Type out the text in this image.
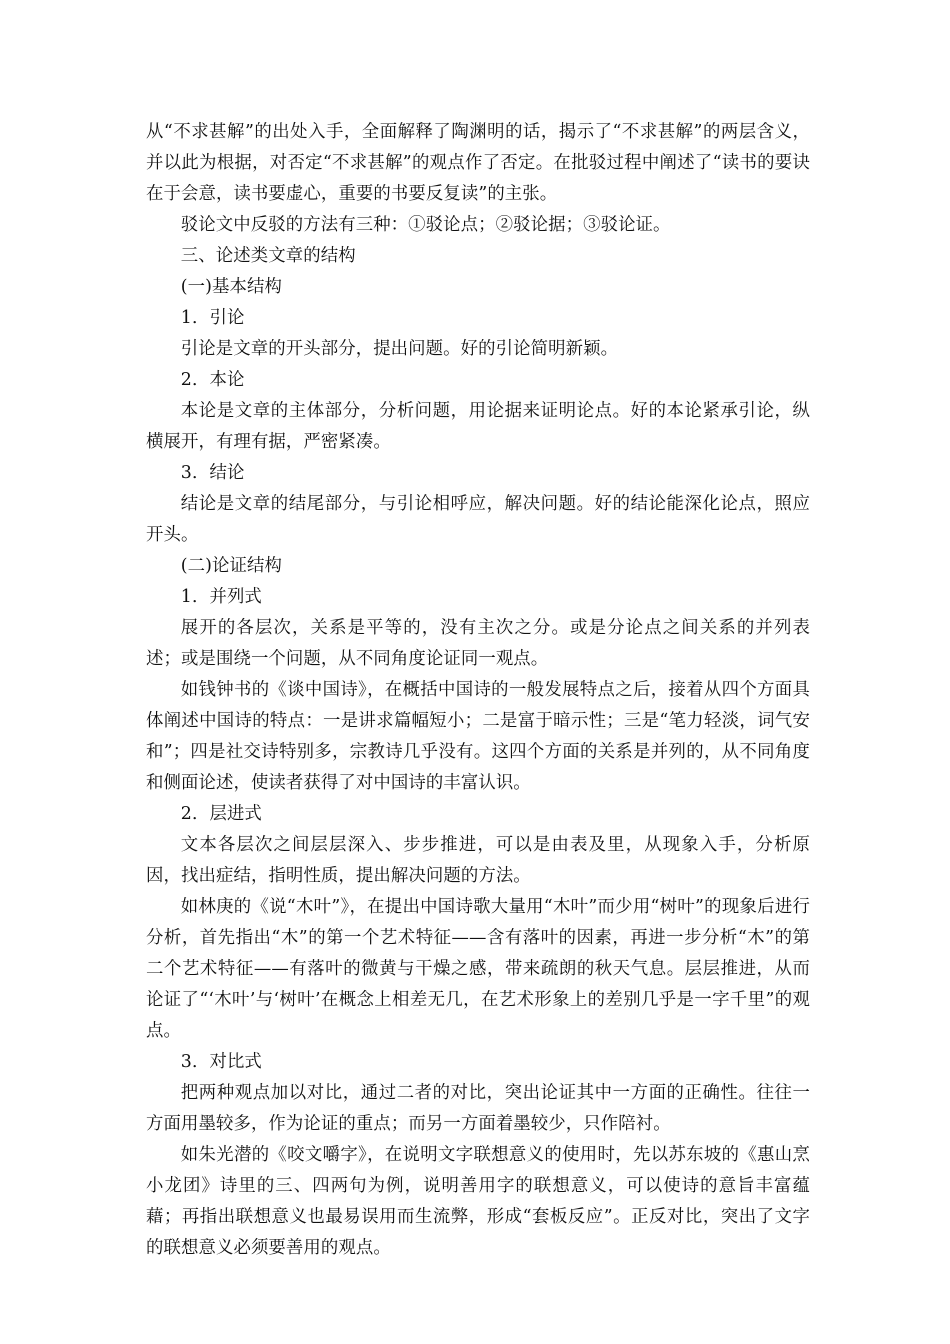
从“不求甚解”的出处入手，全面解释了陶渊明的话，揭示了“不求甚解”的两层含义，并以此为根据，对否定“不求甚解”的观点作了否定。在批驳过程中阐述了“读书的要诀在于会意，读书要虚心，重要的书要反复读”的主张。

驳论文中反驳的方法有三种：①驳论点；②驳论据；③驳论证。

三、论述类文章的结构

(一)基本结构

1．引论

引论是文章的开头部分，提出问题。好的引论简明新颖。

2．本论

本论是文章的主体部分，分析问题，用论据来证明论点。好的本论紧承引论，纵横展开，有理有据，严密紧凑。

3．结论

结论是文章的结尾部分，与引论相呼应，解决问题。好的结论能深化论点，照应开头。

(二)论证结构

1．并列式

展开的各层次，关系是平等的，没有主次之分。或是分论点之间关系的并列表述；或是围绕一个问题，从不同角度论证同一观点。

如钱钟书的《谈中国诗》，在概括中国诗的一般发展特点之后，接着从四个方面具体阐述中国诗的特点：一是讲求篇幅短小；二是富于暗示性；三是“笔力轻淡，词气安和”；四是社交诗特别多，宗教诗几乎没有。这四个方面的关系是并列的，从不同角度和侧面论述，使读者获得了对中国诗的丰富认识。

2．层进式

文本各层次之间层层深入、步步推进，可以是由表及里，从现象入手，分析原因，找出症结，指明性质，提出解决问题的方法。

如林庚的《说“木叶”》，在提出中国诗歌大量用“木叶”而少用“树叶”的现象后进行分析，首先指出“木”的第一个艺术特征——含有落叶的因素，再进一步分析“木”的第二个艺术特征——有落叶的微黄与干燥之感，带来疏朗的秋天气息。层层推进，从而论证了“‘木叶’与‘树叶’在概念上相差无几，在艺术形象上的差别几乎是一字千里”的观点。

3．对比式

把两种观点加以对比，通过二者的对比，突出论证其中一方面的正确性。往往一方面用墨较多，作为论证的重点；而另一方面着墨较少，只作陪衬。

如朱光潜的《咬文嚼字》，在说明文字联想意义的使用时，先以苏东坡的《惠山烹小龙团》诗里的三、四两句为例，说明善用字的联想意义，可以使诗的意旨丰富蕴藉；再指出联想意义也最易误用而生流弊，形成“套板反应”。正反对比，突出了文字的联想意义必须要善用的观点。
